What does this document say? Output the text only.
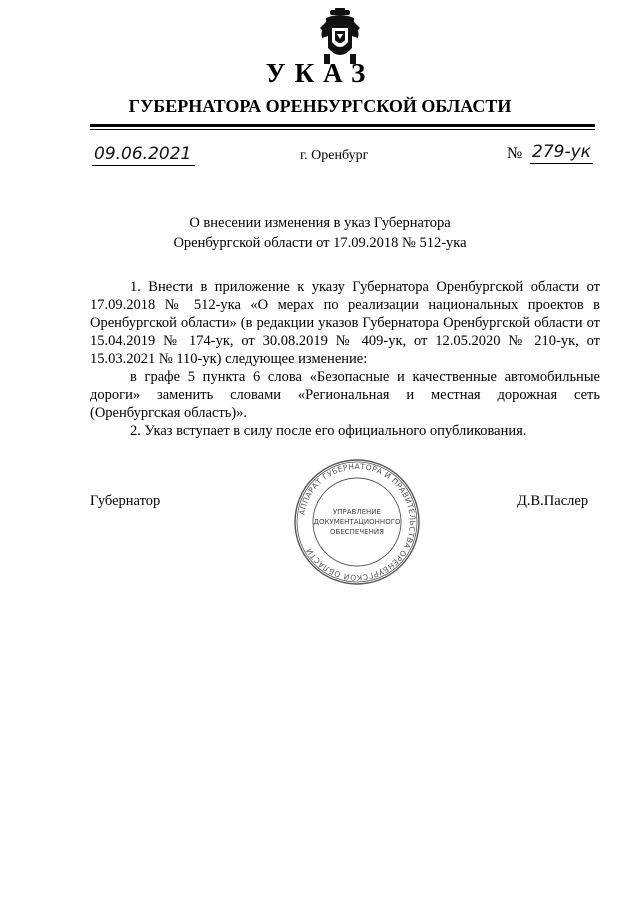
УКАЗ
ГУБЕРНАТОРА ОРЕНБУРГСКОЙ ОБЛАСТИ
09.06.2021	г. Оренбург	№ 279-ук
О внесении изменения в указ Губернатора
Оренбургской области от 17.09.2018 № 512-ука

1. Внести в приложение к указу Губернатора Оренбургской области от 17.09.2018 № 512-ука «О мерах по реализации национальных проектов в Оренбургской области» (в редакции указов Губернатора Оренбургской области от 15.04.2019 № 174-ук, от 30.08.2019 № 409-ук, от 12.05.2020 № 210-ук, от 15.03.2021 № 110-ук) следующее изменение:

в графе 5 пункта 6 слова «Безопасные и качественные автомобильные дороги» заменить словами «Региональная и местная дорожная сеть (Оренбургская область)».

2. Указ вступает в силу после его официального опубликования.

Губернатор	Д.В.Паслер
АППАРАТ ГУБЕРНАТОРА И ПРАВИТЕЛЬСТВА ОРЕНБУРГСКОЙ ОБЛАСТИ
УПРАВЛЕНИЕ
ДОКУМЕНТАЦИОННОГО
ОБЕСПЕЧЕНИЯ
